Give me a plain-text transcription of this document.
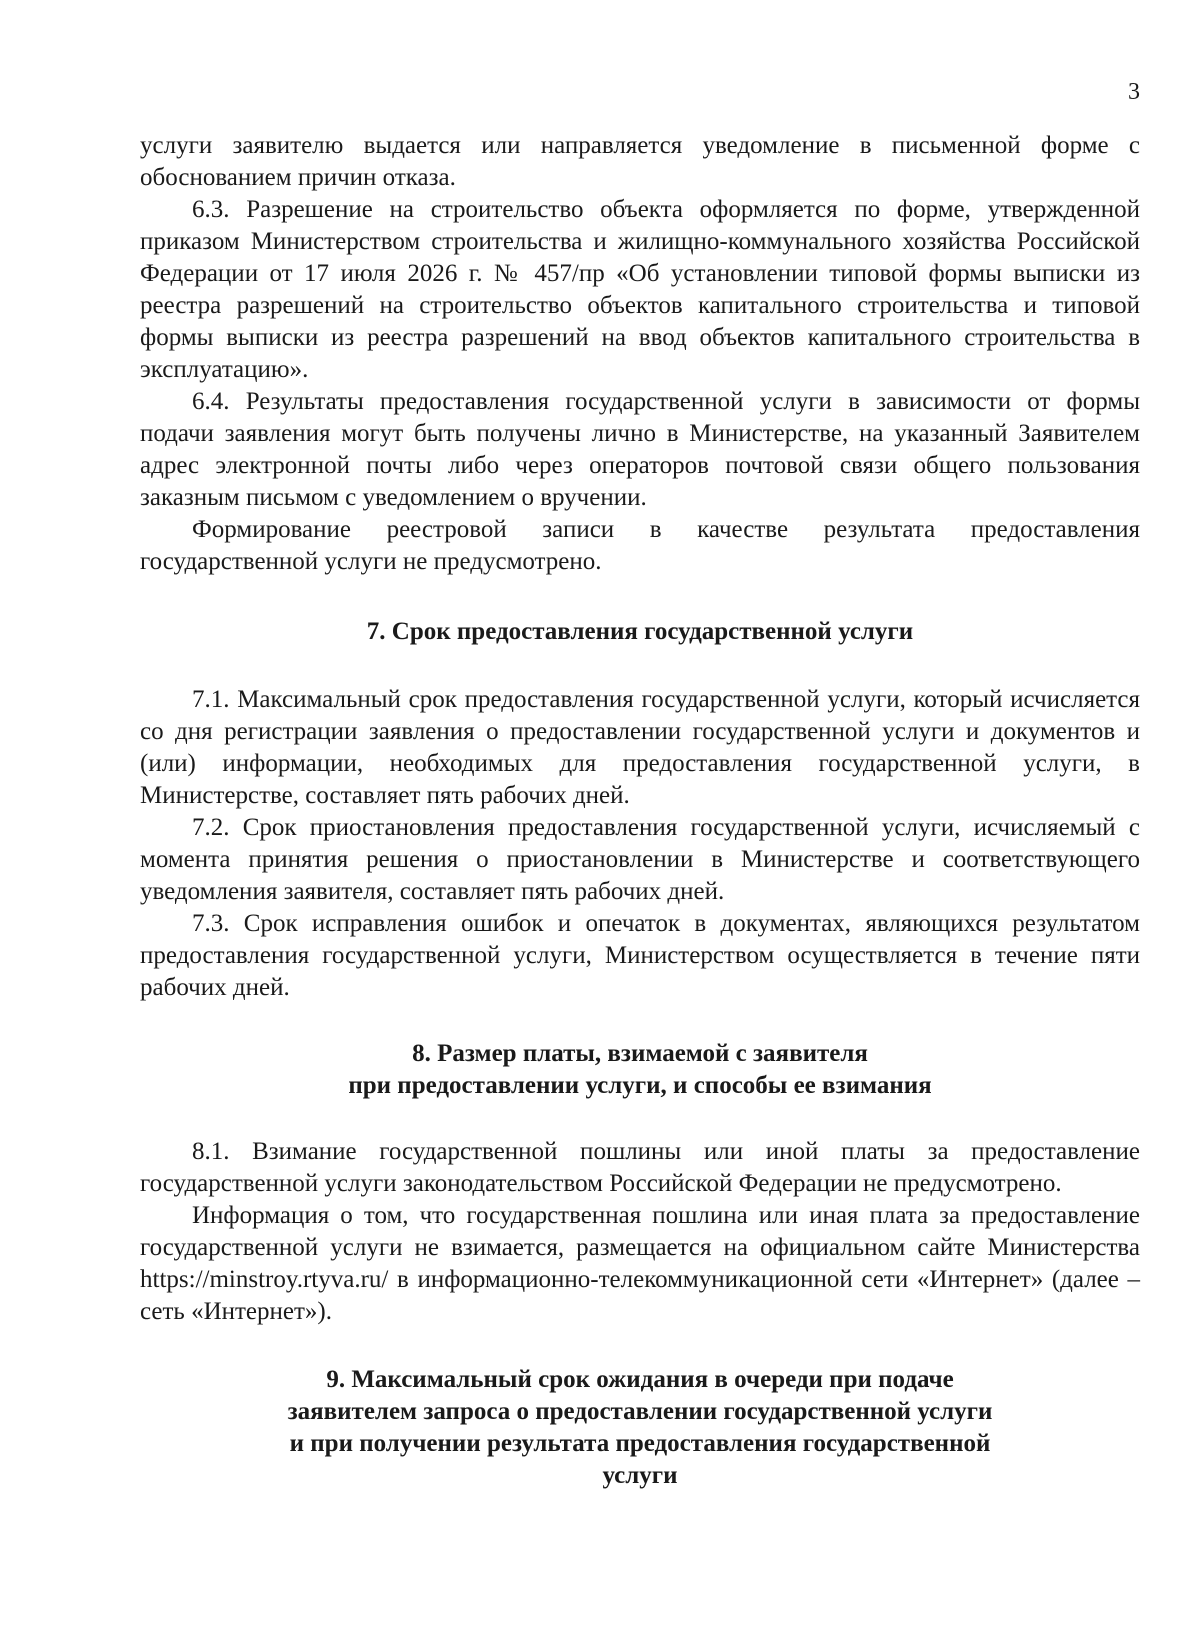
3

услуги заявителю выдается или направляется уведомление в письменной форме с обоснованием причин отказа.

6.3. Разрешение на строительство объекта оформляется по форме, утвержденной приказом Министерством строительства и жилищно-коммунального хозяйства Российской Федерации от 17 июля 2026 г. № 457/пр «Об установлении типовой формы выписки из реестра разрешений на строительство объектов капитального строительства и типовой формы выписки из реестра разрешений на ввод объектов капитального строительства в эксплуатацию».

6.4. Результаты предоставления государственной услуги в зависимости от формы подачи заявления могут быть получены лично в Министерстве, на указанный Заявителем адрес электронной почты либо через операторов почтовой связи общего пользования заказным письмом с уведомлением о вручении.

Формирование реестровой записи в качестве результата предоставления государственной услуги не предусмотрено.

7. Срок предоставления государственной услуги

7.1. Максимальный срок предоставления государственной услуги, который исчисляется со дня регистрации заявления о предоставлении государственной услуги и документов и (или) информации, необходимых для предоставления государственной услуги, в Министерстве, составляет пять рабочих дней.

7.2. Срок приостановления предоставления государственной услуги, исчисляемый с момента принятия решения о приостановлении в Министерстве и соответствующего уведомления заявителя, составляет пять рабочих дней.

7.3. Срок исправления ошибок и опечаток в документах, являющихся результатом предоставления государственной услуги, Министерством осуществляется в течение пяти рабочих дней.

8. Размер платы, взимаемой с заявителя
при предоставлении услуги, и способы ее взимания

8.1. Взимание государственной пошлины или иной платы за предоставление государственной услуги законодательством Российской Федерации не предусмотрено.

Информация о том, что государственная пошлина или иная плата за предоставление государственной услуги не взимается, размещается на официальном сайте Министерства https://minstroy.rtyva.ru/ в информационно-телекоммуникационной сети «Интернет» (далее – сеть «Интернет»).

9. Максимальный срок ожидания в очереди при подаче
заявителем запроса о предоставлении государственной услуги
и при получении результата предоставления государственной
услуги
